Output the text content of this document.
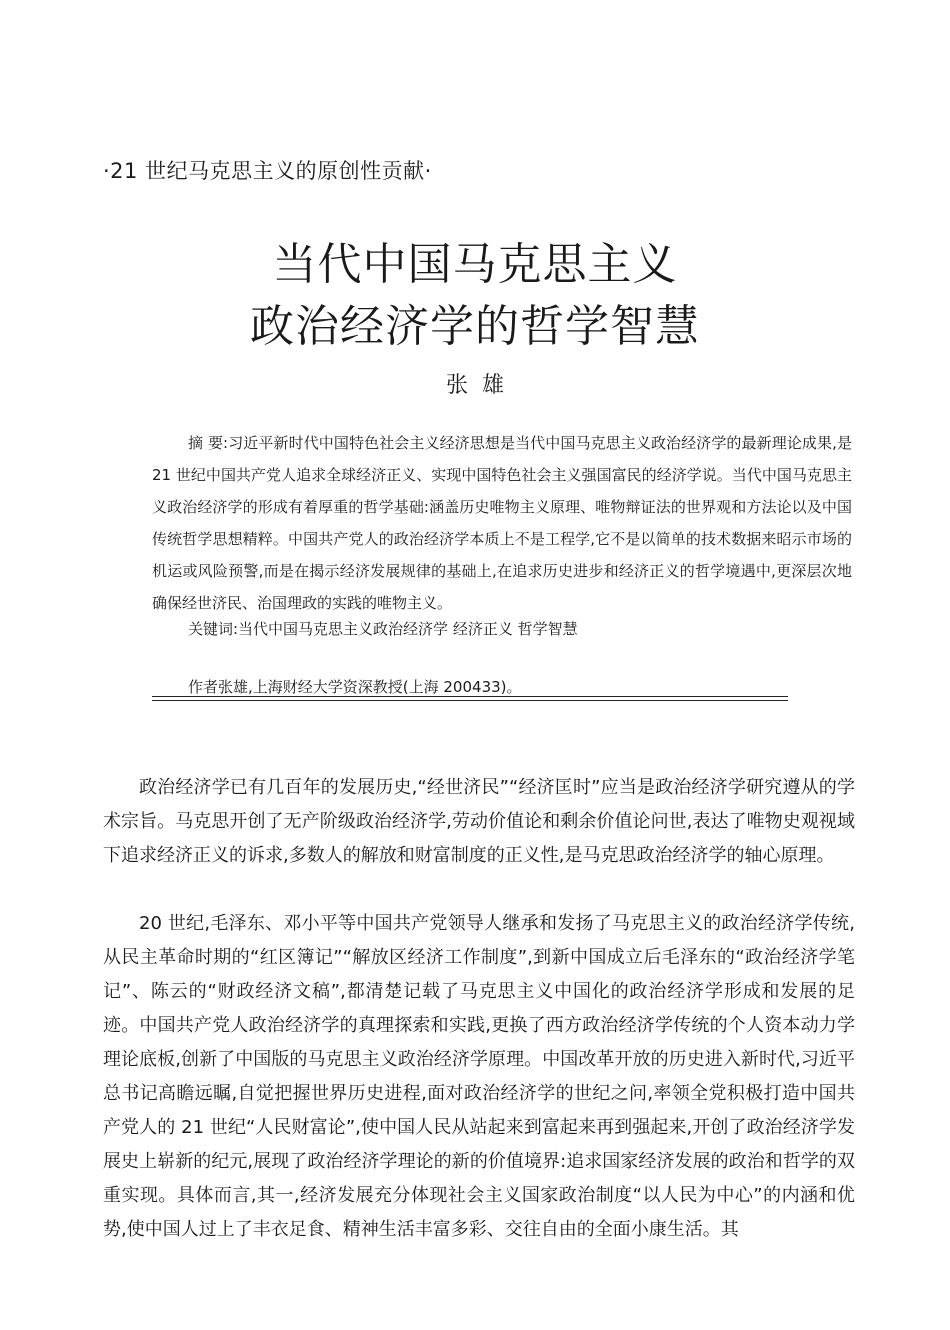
·21 世纪马克思主义的原创性贡献·
当代中国马克思主义
政治经济学的哲学智慧
张雄

摘 要:习近平新时代中国特色社会主义经济思想是当代中国马克思主义政治经济学的最新理论成果,是 21 世纪中国共产党人追求全球经济正义、实现中国特色社会主义强国富民的经济学说。当代中国马克思主义政治经济学的形成有着厚重的哲学基础:涵盖历史唯物主义原理、唯物辩证法的世界观和方法论以及中国传统哲学思想精粹。中国共产党人的政治经济学本质上不是工程学,它不是以简单的技术数据来昭示市场的机运或风险预警,而是在揭示经济发展规律的基础上,在追求历史进步和经济正义的哲学境遇中,更深层次地确保经世济民、治国理政的实践的唯物主义。

关键词:当代中国马克思主义政治经济学 经济正义 哲学智慧
作者张雄,上海财经大学资深教授(上海 200433)。

政治经济学已有几百年的发展历史,“经世济民”“经济匡时”应当是政治经济学研究遵从的学术宗旨。马克思开创了无产阶级政治经济学,劳动价值论和剩余价值论问世,表达了唯物史观视域下追求经济正义的诉求,多数人的解放和财富制度的正义性,是马克思政治经济学的轴心原理。

20 世纪,毛泽东、邓小平等中国共产党领导人继承和发扬了马克思主义的政治经济学传统,从民主革命时期的“红区簿记”“解放区经济工作制度”,到新中国成立后毛泽东的“政治经济学笔记”、陈云的“财政经济文稿”,都清楚记载了马克思主义中国化的政治经济学形成和发展的足迹。中国共产党人政治经济学的真理探索和实践,更换了西方政治经济学传统的个人资本动力学理论底板,创新了中国版的马克思主义政治经济学原理。中国改革开放的历史进入新时代,习近平总书记高瞻远瞩,自觉把握世界历史进程,面对政治经济学的世纪之问,率领全党积极打造中国共产党人的 21 世纪“人民财富论”,使中国人民从站起来到富起来再到强起来,开创了政治经济学发展史上崭新的纪元,展现了政治经济学理论的新的价值境界:追求国家经济发展的政治和哲学的双重实现。具体而言,其一,经济发展充分体现社会主义国家政治制度“以人民为中心”的内涵和优势,使中国人过上了丰衣足食、精神生活丰富多彩、交往自由的全面小康生活。其
